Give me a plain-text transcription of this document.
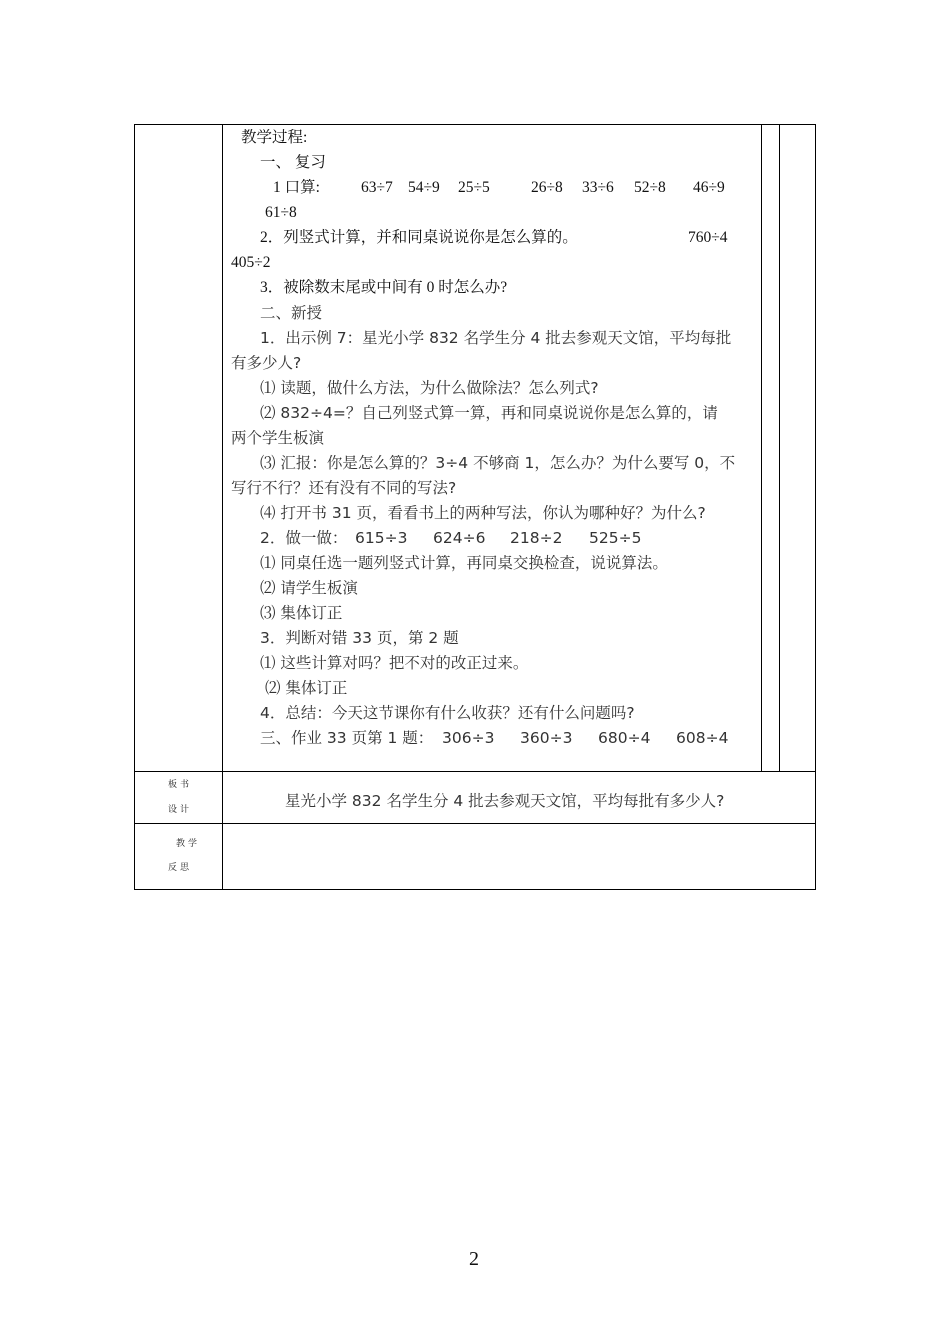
教学过程:
一、 复习
1 口算:	63÷7 54÷9 25÷5	26÷8 33÷6 52÷8 46÷9
61÷8
2．列竖式计算，并和同桌说说你是怎么算的。	760÷4
405÷2
3．被除数末尾或中间有 0 时怎么办?
二、新授
1．出示例 7：星光小学 832 名学生分 4 批去参观天文馆，平均每批
有多少人?
⑴ 读题，做什么方法，为什么做除法？怎么列式?
⑵ 832÷4=？自己列竖式算一算，再和同桌说说你是怎么算的，请
两个学生板演
⑶ 汇报：你是怎么算的？3÷4 不够商 1，怎么办？为什么要写 0，不
写行不行？还有没有不同的写法?
⑷ 打开书 31 页，看看书上的两种写法，你认为哪种好？为什么?
2．做一做： 615÷3 624÷6 218÷2 525÷5
⑴ 同桌任选一题列竖式计算，再同桌交换检查，说说算法。
⑵ 请学生板演
⑶ 集体订正
3．判断对错 33 页，第 2 题
⑴ 这些计算对吗？把不对的改正过来。
⑵ 集体订正
4．总结：今天这节课你有什么收获？还有什么问题吗?
三、作业 33 页第 1 题： 306÷3 360÷3 680÷4 608÷4
板书
设计	星光小学 832 名学生分 4 批去参观天文馆，平均每批有多少人?
教学
反思
2
